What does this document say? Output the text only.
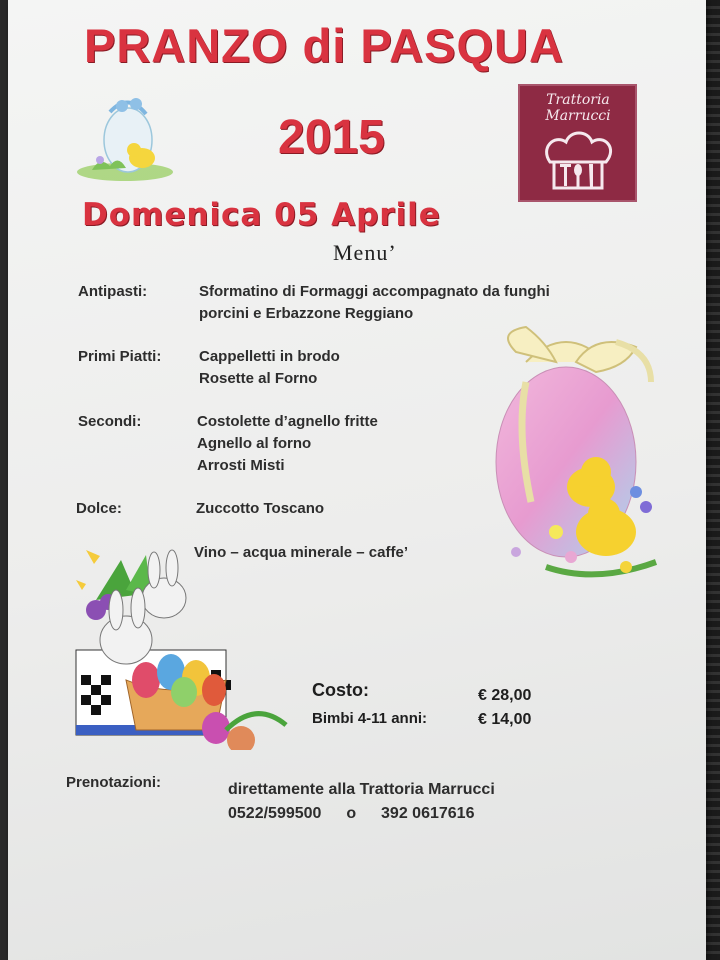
PRANZO di PASQUA
2015
Domenica 05 Aprile
Menu’
Trattoria
Marrucci
Antipasti:	Sformatino di Formaggi accompagnato da funghi
porcini e Erbazzone Reggiano
Primi Piatti:	Cappelletti in brodo
Rosette al Forno
Secondi:	Costolette d’agnello fritte
Agnello al forno
Arrosti Misti
Dolce:	Zuccotto Toscano
Vino – acqua minerale – caffe’
Costo:	€ 28,00
Bimbi 4-11 anni:	€ 14,00
Prenotazioni:	direttamente alla Trattoria Marrucci
0522/599500 o 392 0617616
